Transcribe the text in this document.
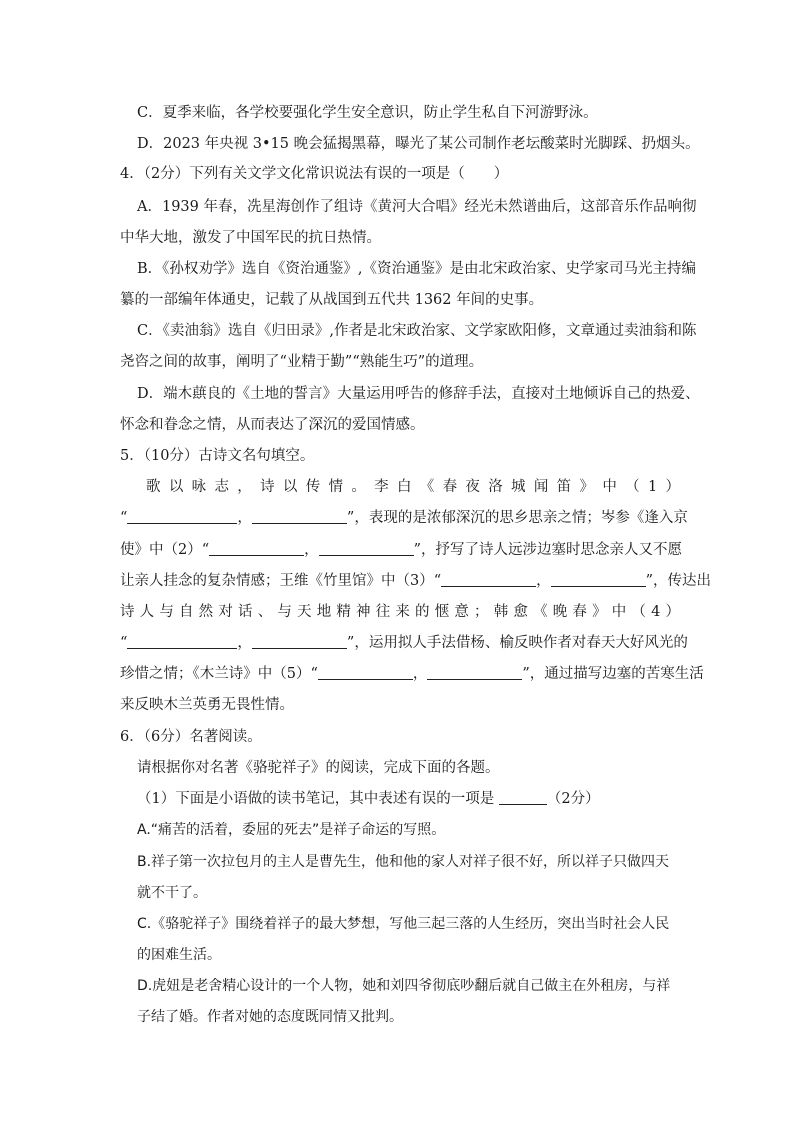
C．夏季来临，各学校要强化学生安全意识，防止学生私自下河游野泳。
D．2023 年央视 3•15 晚会猛揭黑幕，曝光了某公司制作老坛酸菜时光脚踩、扔烟头。
4．（2分）下列有关文学文化常识说法有误的一项是（　　）
A．1939 年春，冼星海创作了组诗《黄河大合唱》经光未然谱曲后，这部音乐作品响彻
中华大地，激发了中国军民的抗日热情。
B．《孙权劝学》选自《资治通鉴》,《资治通鉴》是由北宋政治家、史学家司马光主持编
纂的一部编年体通史，记载了从战国到五代共 1362 年间的史事。
C．《卖油翁》选自《归田录》,作者是北宋政治家、文学家欧阳修，文章通过卖油翁和陈
尧咨之间的故事，阐明了“业精于勤”“熟能生巧”的道理。
D．端木蕻良的《土地的誓言》大量运用呼告的修辞手法，直接对土地倾诉自己的热爱、
怀念和眷念之情，从而表达了深沉的爱国情感。
5．（10分）古诗文名句填空。
歌以咏志，诗以传情。李白《春夜洛城闻笛》中（1）
“	，	”，表现的是浓郁深沉的思乡思亲之情；岑参《逢入京
使》中（2）“	，	”，抒写了诗人远涉边塞时思念亲人又不愿
让亲人挂念的复杂情感；王维《竹里馆》中（3）“	，	”，传达出
诗人与自然对话、与天地精神往来的惬意；韩愈《晚春》中（4）
“	，	”，运用拟人手法借杨、榆反映作者对春天大好风光的
珍惜之情；《木兰诗》中（5）“	，	”，通过描写边塞的苦寒生活
来反映木兰英勇无畏性情。
6．（6分）名著阅读。
请根据你对名著《骆驼祥子》的阅读，完成下面的各题。
（1）下面是小语做的读书笔记，其中表述有误的一项是	（2分）
A.“痛苦的活着，委屈的死去”是祥子命运的写照。
B.祥子第一次拉包月的主人是曹先生，他和他的家人对祥子很不好，所以祥子只做四天
就不干了。
C.《骆驼祥子》围绕着祥子的最大梦想，写他三起三落的人生经历，突出当时社会人民
的困难生活。
D.虎妞是老舍精心设计的一个人物，她和刘四爷彻底吵翻后就自己做主在外租房，与祥
子结了婚。作者对她的态度既同情又批判。
